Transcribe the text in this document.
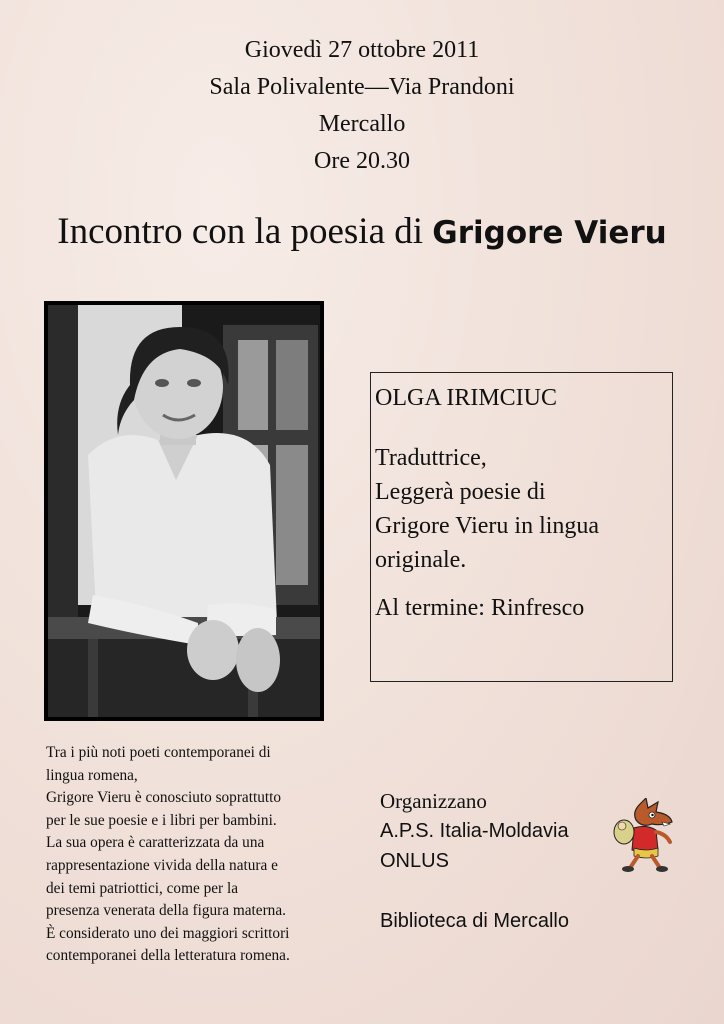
Giovedì 27 ottobre 2011
Sala Polivalente—Via Prandoni
Mercallo
Ore 20.30
Incontro con la poesia di Grigore Vieru

OLGA IRIMCIUC

Traduttrice,

Leggerà poesie di

Grigore Vieru in lingua

originale.

Al termine: Rinfresco

Tra i più noti poeti contemporanei di
lingua romena,
Grigore Vieru è conosciuto soprattutto
per le sue poesie e i libri per bambini.
La sua opera è caratterizzata da una
rappresentazione vivida della natura e
dei temi patriottici, come per la
presenza venerata della figura materna.
È considerato uno dei maggiori scrittori
contemporanei della letteratura romena.
Organizzano
A.P.S. Italia-Moldavia
ONLUS
Biblioteca di Mercallo
